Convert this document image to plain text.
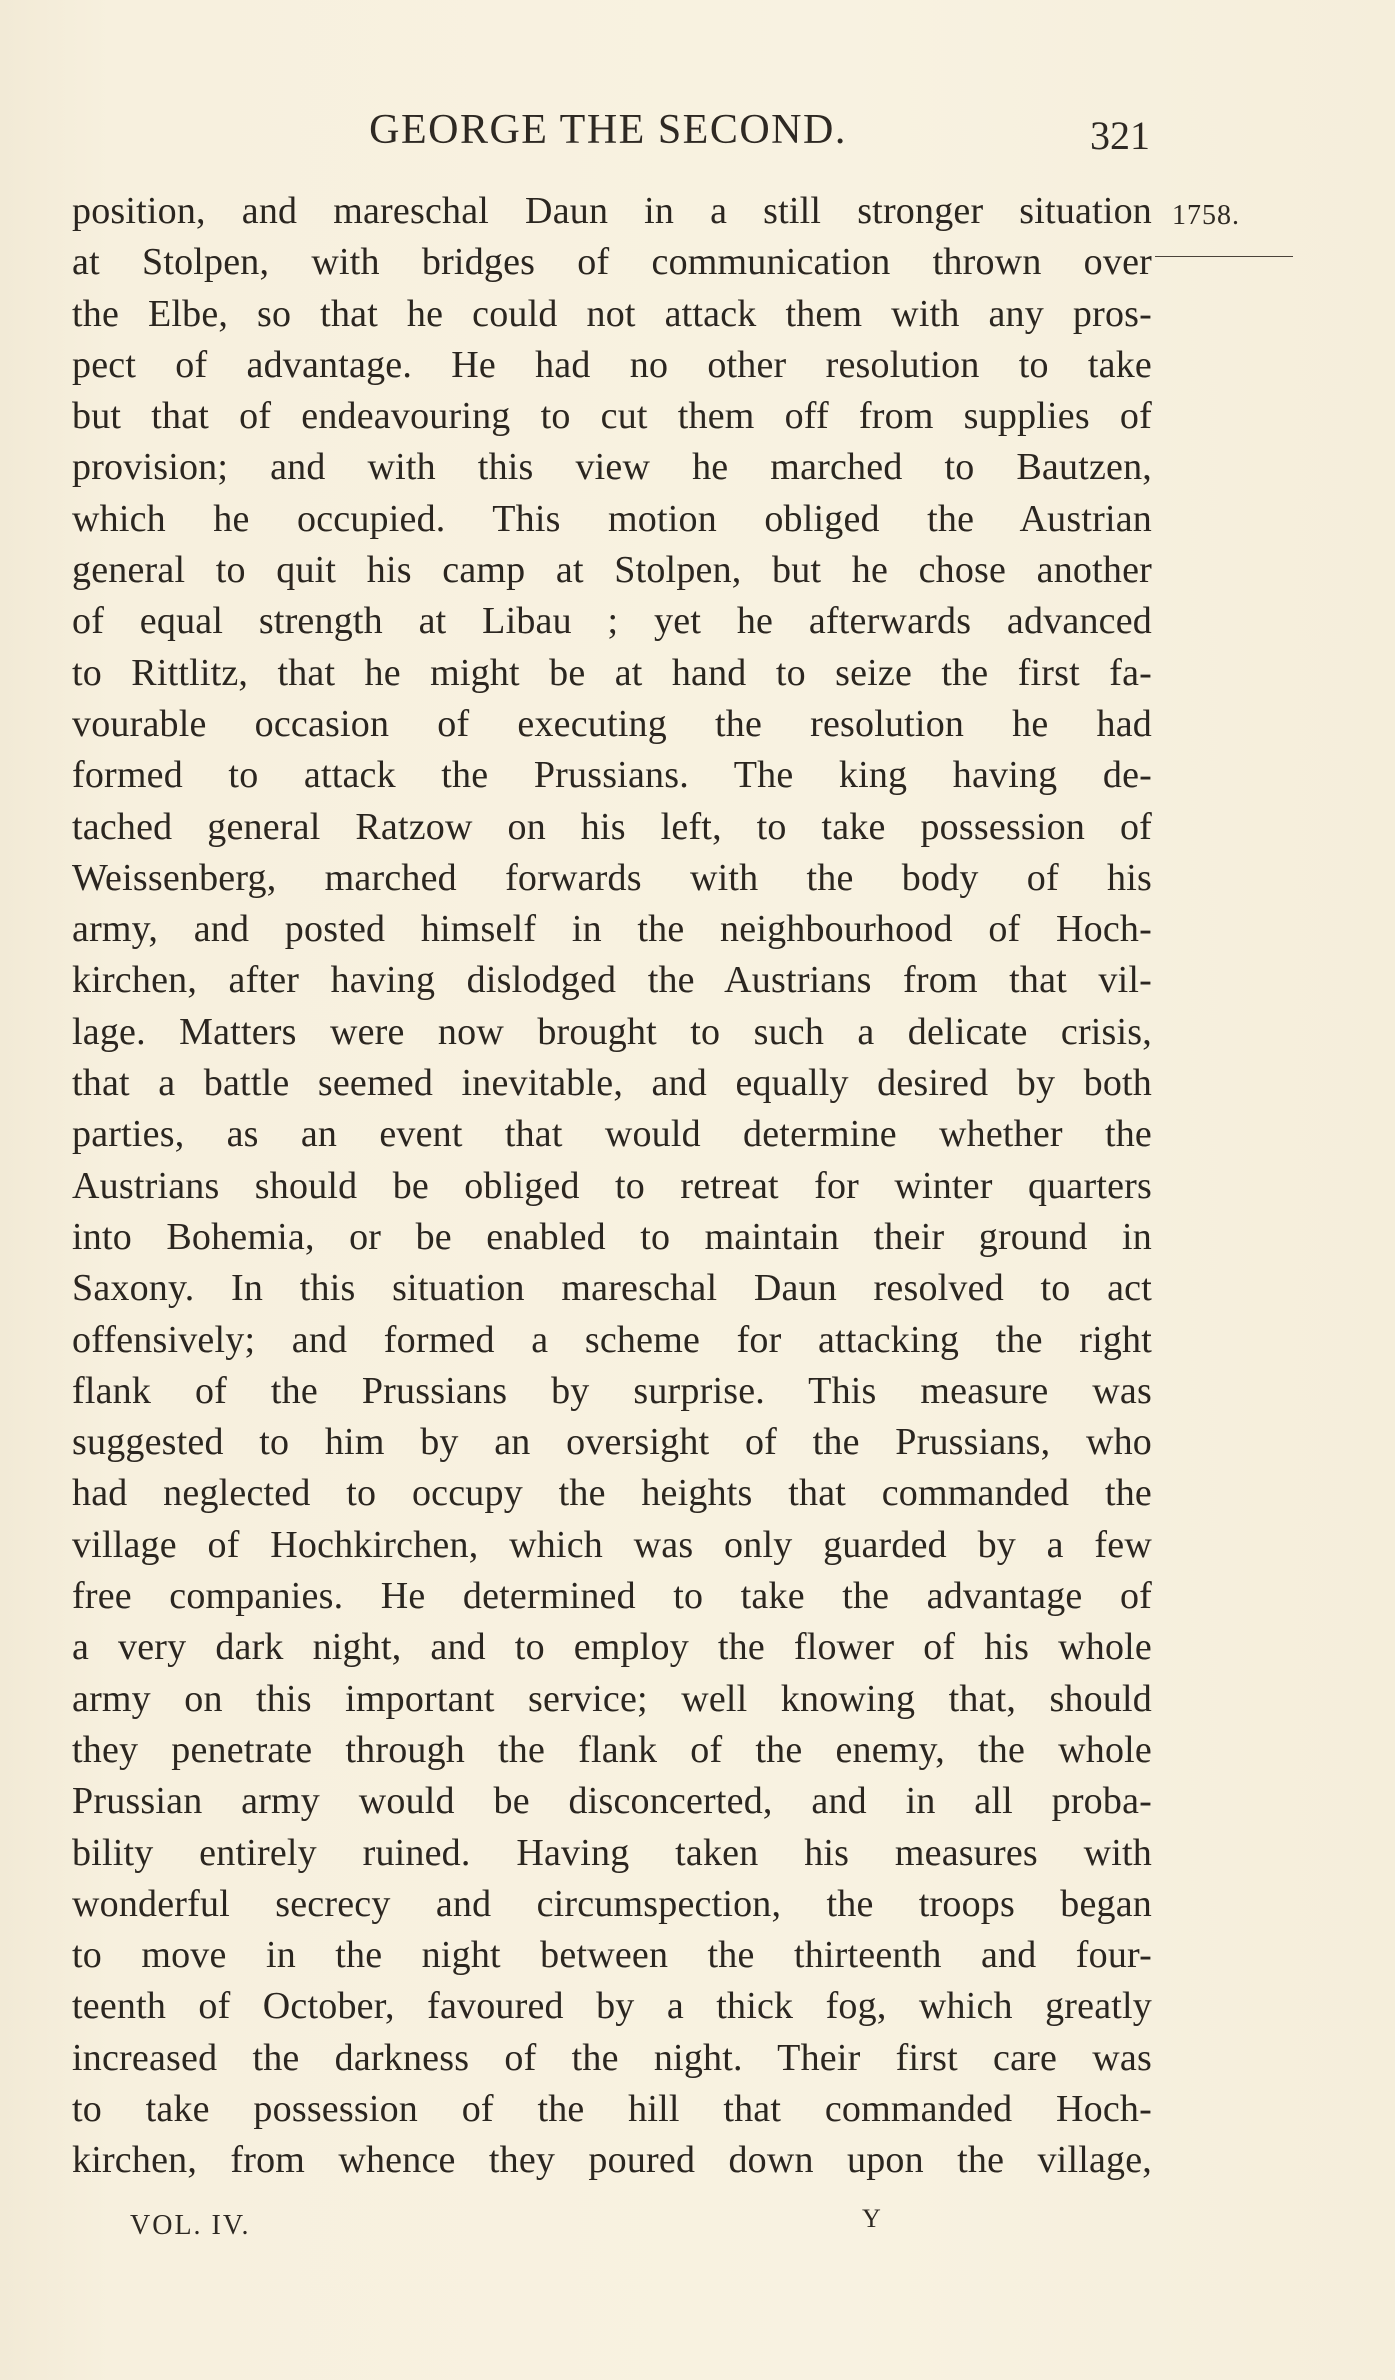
GEORGE THE SECOND.	321
1758.
position, and mareschal Daun in a still stronger situation
at Stolpen, with bridges of communication thrown over
the Elbe, so that he could not attack them with any pros-
pect of advantage. He had no other resolution to take
but that of endeavouring to cut them off from supplies of
provision; and with this view he marched to Bautzen,
which he occupied. This motion obliged the Austrian
general to quit his camp at Stolpen, but he chose another
of equal strength at Libau ; yet he afterwards advanced
to Rittlitz, that he might be at hand to seize the first fa-
vourable occasion of executing the resolution he had
formed to attack the Prussians. The king having de-
tached general Ratzow on his left, to take possession of
Weissenberg, marched forwards with the body of his
army, and posted himself in the neighbourhood of Hoch-
kirchen, after having dislodged the Austrians from that vil-
lage. Matters were now brought to such a delicate crisis,
that a battle seemed inevitable, and equally desired by both
parties, as an event that would determine whether the
Austrians should be obliged to retreat for winter quarters
into Bohemia, or be enabled to maintain their ground in
Saxony. In this situation mareschal Daun resolved to act
offensively; and formed a scheme for attacking the right
flank of the Prussians by surprise. This measure was
suggested to him by an oversight of the Prussians, who
had neglected to occupy the heights that commanded the
village of Hochkirchen, which was only guarded by a few
free companies. He determined to take the advantage of
a very dark night, and to employ the flower of his whole
army on this important service; well knowing that, should
they penetrate through the flank of the enemy, the whole
Prussian army would be disconcerted, and in all proba-
bility entirely ruined. Having taken his measures with
wonderful secrecy and circumspection, the troops began
to move in the night between the thirteenth and four-
teenth of October, favoured by a thick fog, which greatly
increased the darkness of the night. Their first care was
to take possession of the hill that commanded Hoch-
kirchen, from whence they poured down upon the village,
VOL. IV.	Y
